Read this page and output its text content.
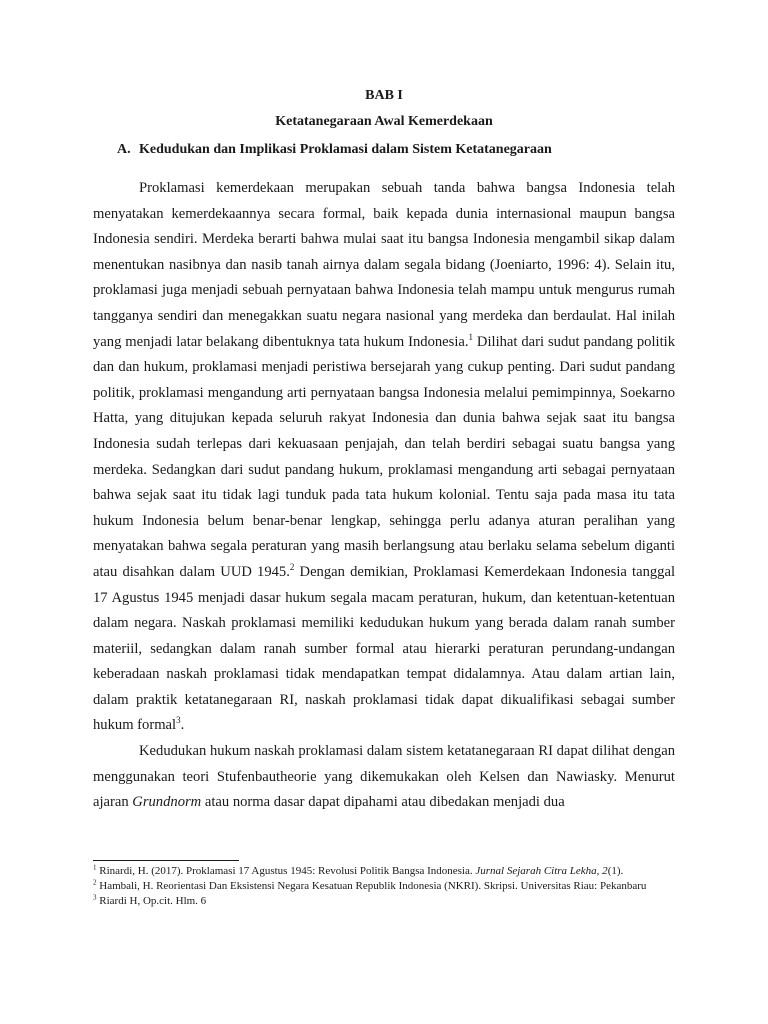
BAB I

Ketatanegaraan Awal Kemerdekaan

A. Kedudukan dan Implikasi Proklamasi dalam Sistem Ketatanegaraan

Proklamasi kemerdekaan merupakan sebuah tanda bahwa bangsa Indonesia telah menyatakan kemerdekaannya secara formal, baik kepada dunia internasional maupun bangsa Indonesia sendiri. Merdeka berarti bahwa mulai saat itu bangsa Indonesia mengambil sikap dalam menentukan nasibnya dan nasib tanah airnya dalam segala bidang (Joeniarto, 1996: 4). Selain itu, proklamasi juga menjadi sebuah pernyataan bahwa Indonesia telah mampu untuk mengurus rumah tangganya sendiri dan menegakkan suatu negara nasional yang merdeka dan berdaulat. Hal inilah yang menjadi latar belakang dibentuknya tata hukum Indonesia.$^1$ Dilihat dari sudut pandang politik dan dan hukum, proklamasi menjadi peristiwa bersejarah yang cukup penting. Dari sudut pandang politik, proklamasi mengandung arti pernyataan bangsa Indonesia melalui pemimpinnya, Soekarno Hatta, yang ditujukan kepada seluruh rakyat Indonesia dan dunia bahwa sejak saat itu bangsa Indonesia sudah terlepas dari kekuasaan penjajah, dan telah berdiri sebagai suatu bangsa yang merdeka. Sedangkan dari sudut pandang hukum, proklamasi mengandung arti sebagai pernyataan bahwa sejak saat itu tidak lagi tunduk pada tata hukum kolonial. Tentu saja pada masa itu tata hukum Indonesia belum benar-benar lengkap, sehingga perlu adanya aturan peralihan yang menyatakan bahwa segala peraturan yang masih berlangsung atau berlaku selama sebelum diganti atau disahkan dalam UUD 1945.$^2$ Dengan demikian, Proklamasi Kemerdekaan Indonesia tanggal 17 Agustus 1945 menjadi dasar hukum segala macam peraturan, hukum, dan ketentuan-ketentuan dalam negara. Naskah proklamasi memiliki kedudukan hukum yang berada dalam ranah sumber materiil, sedangkan dalam ranah sumber formal atau hierarki peraturan perundang-undangan keberadaan naskah proklamasi tidak mendapatkan tempat didalamnya. Atau dalam artian lain, dalam praktik ketatanegaraan RI, naskah proklamasi tidak dapat dikualifikasi sebagai sumber hukum formal$^3$.

Kedudukan hukum naskah proklamasi dalam sistem ketatanegaraan RI dapat dilihat dengan menggunakan teori Stufenbautheorie yang dikemukakan oleh Kelsen dan Nawiasky. Menurut ajaran Grundnorm atau norma dasar dapat dipahami atau dibedakan menjadi dua

$^1$ Rinardi, H. (2017). Proklamasi 17 Agustus 1945: Revolusi Politik Bangsa Indonesia. Jurnal Sejarah Citra Lekha, 2(1).

$^2$ Hambali, H. Reorientasi Dan Eksistensi Negara Kesatuan Republik Indonesia (NKRI). Skripsi. Universitas Riau: Pekanbaru

$^3$ Riardi H, Op.cit. Hlm. 6
